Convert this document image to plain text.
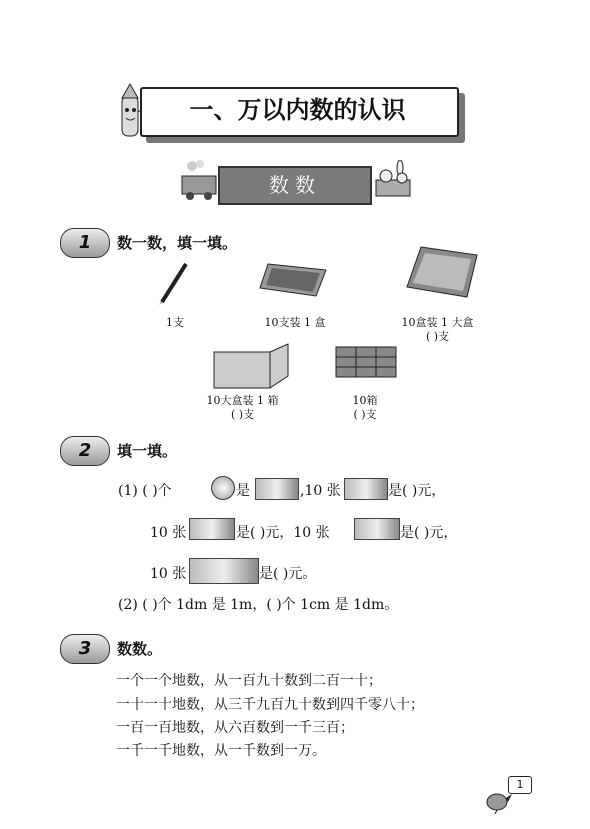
一、万以内数的认识
数数
1	数一数，填一填。
1支	10支装 1 盒	10盒装 1 大盒
( )支
10大盒装 1 箱
( )支
10箱
( )支
2	填一填。
(1) ( )个	是	,10 张	是( )元，
10 张	是( )元，10 张	是( )元，
10 张	是( )元。
(2) ( )个 1dm 是 1m，( )个 1cm 是 1dm。
3	数数。
一个一个地数，从一百九十数到二百一十；
一十一十地数，从三千九百九十数到四千零八十；
一百一百地数，从六百数到一千三百；
一千一千地数，从一千数到一万。
1
